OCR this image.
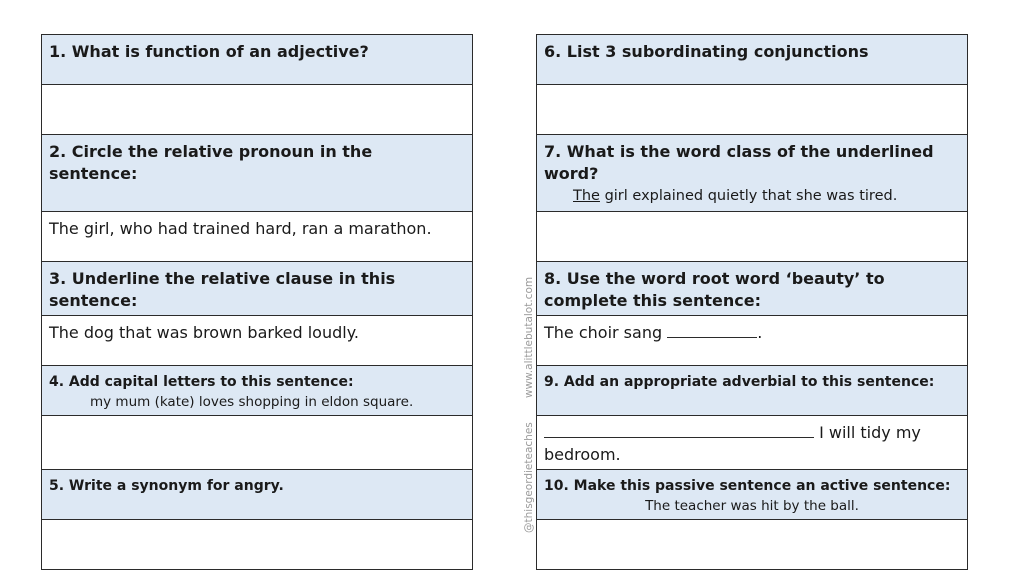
1. What is function of an adjective?
2. Circle the relative pronoun in the sentence:
The girl, who had trained hard, ran a marathon.
3. Underline the relative clause in this sentence:
The dog that was brown barked loudly.
4. Add capital letters to this sentence:
my mum (kate) loves shopping in eldon square.
5. Write a synonym for angry.
6. List 3 subordinating conjunctions
7. What is the word class of the underlined word?
The girl explained quietly that she was tired.
8. Use the word root word ‘beauty’ to complete this sentence:
The choir sang	.
9. Add an appropriate adverbial to this sentence:
I will tidy my bedroom.
10. Make this passive sentence an active sentence:
The teacher was hit by the ball.
www.alittlebutalot.com
@thisgeordieteaches
